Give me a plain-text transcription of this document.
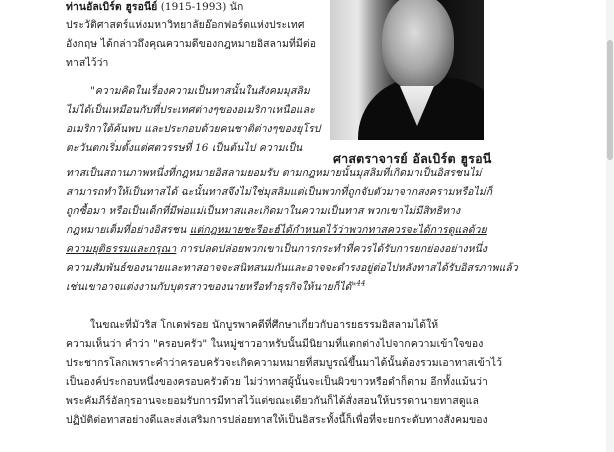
ท่านอัลเบิร์ต ฮูรอนีย์ (1915-1993) นัก
ประวัติศาสตร์แห่งมหาวิทยาลัยอ๊อกฟอร์ดแห่งประเทศ
อังกฤษ ได้กล่าวถึงคุณความดีของกฎหมายอิสลามที่มีต่อ
ทาสไว้ว่า
ศาสตราจารย์ อัลเบิร์ต ฮูรอนี
"ความคิดในเรื่องความเป็นทาสนั้นในสังคมมุสลิม
ไม่ได้เป็นเหมือนกับที่ประเทศต่างๆของอเมริกาเหนือและ
อเมริกาใต้ค้นพบ และประกอบด้วยคนชาติต่างๆของยุโรป
ตะวันตกเริ่มตั้งแต่ศตวรรษที่ 16 เป็นต้นไป ความเป็น
ทาสเป็นสถานภาพหนึ่งที่กฎหมายอิสลามยอมรับ ตามกฎหมายนั้นมุสลิมที่เกิดมาเป็นอิสรชนไม่
สามารถทำให้เป็นทาสได้ ฉะนั้นทาสจึงไม่ใช่มุสลิมแต่เป็นพวกที่ถูกจับตัวมาจากสงครามหรือไม่ก็
ถูกซื้อมา หรือเป็นเด็กที่มีพ่อแม่เป็นทาสและเกิดมาในความเป็นทาส พวกเขาไม่มีสิทธิทาง
กฎหมายเต็มที่อย่างอิสรชน แต่กฎหมายชะรีอะฮ์ได้กำหนดไว้ว่าพวกทาสควรจะได้การดูแลด้วย
ความยุติธรรมและกรุณา การปลดปล่อยพวกเขาเป็นการกระทำที่ควรได้รับการยกย่องอย่างหนึ่ง
ความสัมพันธ์ของนายและทาสอาจจะสนิทสนมกันและอาจจะดำรงอยู่ต่อไปหลังทาสได้รับอิสรภาพแล้ว
เช่นเขาอาจแต่งงานกับบุตรสาวของนายหรือทำธุรกิจให้นายก็ได้"$^{44}$
ในขณะที่มัวริส โกเดฟรอย นักบูรพาคดีที่ศึกษาเกี่ยวกับอารยธรรมอิสลามได้ให้
ความเห็นว่า คำว่า "ครอบครัว" ในหมู่ชาวอาหรับนั้นมีนิยามที่แตกต่างไปจากความเข้าใจของ
ประชากรโลกเพราะคำว่าครอบครัวจะเกิดความหมายที่สมบูรณ์ขึ้นมาได้นั้นต้องรวมเอาทาสเข้าไว้
เป็นองค์ประกอบหนึ่งของครอบครัวด้วย ไม่ว่าทาสผู้นั้นจะเป็นผิวขาวหรือดำก็ตาม อีกทั้งแม้นว่า
พระคัมภีร์อัลกุรอานจะยอมรับการมีทาสไว้แต่ขณะเดียวกันก็ได้สั่งสอนให้บรรดานายทาสดูแล
ปฏิบัติต่อทาสอย่างดีและส่งเสริมการปล่อยทาสให้เป็นอิสระทั้งนี้ก็เพื่อที่จะยกระดับทางสังคมของ
